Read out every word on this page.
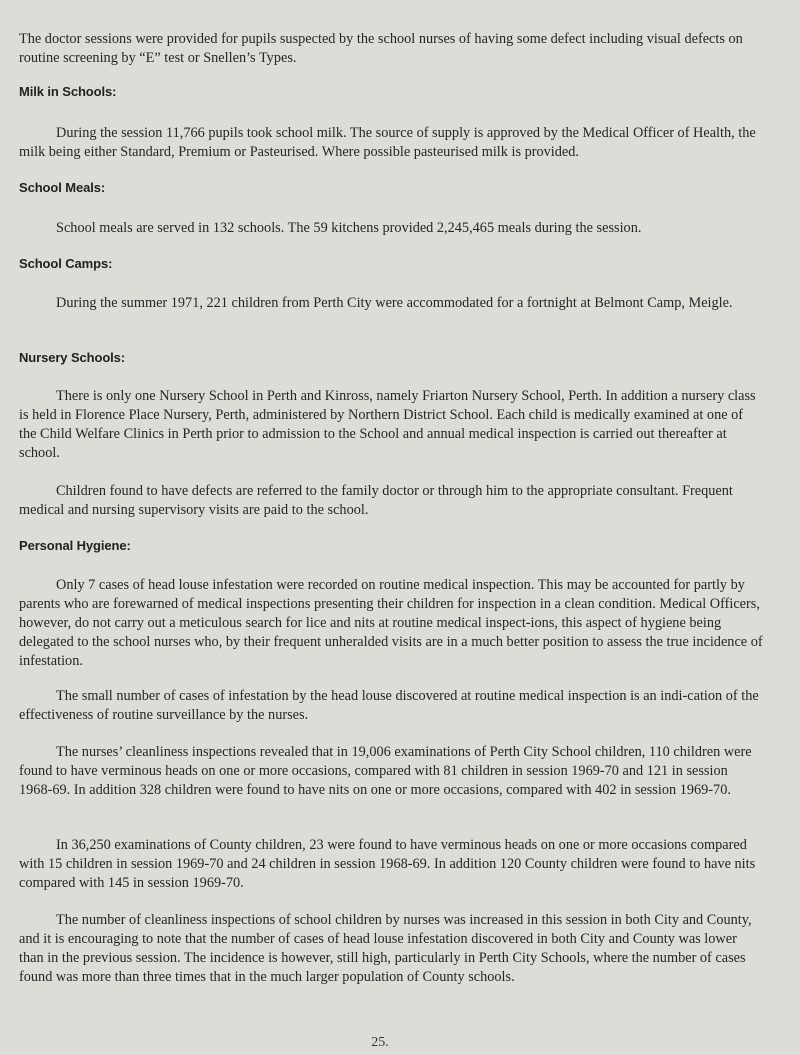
The doctor sessions were provided for pupils suspected by the school nurses of having some defect including visual defects on routine screening by “E” test or Snellen’s Types.

Milk in Schools:

During the session 11,766 pupils took school milk. The source of supply is approved by the Medical Officer of Health, the milk being either Standard, Premium or Pasteurised. Where possible pasteurised milk is provided.

School Meals:

School meals are served in 132 schools. The 59 kitchens provided 2,245,465 meals during the session.

School Camps:

During the summer 1971, 221 children from Perth City were accommodated for a fortnight at Belmont Camp, Meigle.

Nursery Schools:

There is only one Nursery School in Perth and Kinross, namely Friarton Nursery School, Perth. In addition a nursery class is held in Florence Place Nursery, Perth, administered by Northern District School. Each child is medically examined at one of the Child Welfare Clinics in Perth prior to admission to the School and annual medical inspection is carried out thereafter at school.

Children found to have defects are referred to the family doctor or through him to the appropriate consultant. Frequent medical and nursing supervisory visits are paid to the school.

Personal Hygiene:

Only 7 cases of head louse infestation were recorded on routine medical inspection. This may be accounted for partly by parents who are forewarned of medical inspections presenting their children for inspection in a clean condition. Medical Officers, however, do not carry out a meticulous search for lice and nits at routine medical inspect-ions, this aspect of hygiene being delegated to the school nurses who, by their frequent unheralded visits are in a much better position to assess the true incidence of infestation.

The small number of cases of infestation by the head louse discovered at routine medical inspection is an indi-cation of the effectiveness of routine surveillance by the nurses.

The nurses’ cleanliness inspections revealed that in 19,006 examinations of Perth City School children, 110 children were found to have verminous heads on one or more occasions, compared with 81 children in session 1969-70 and 121 in session 1968-69. In addition 328 children were found to have nits on one or more occasions, compared with 402 in session 1969-70.

In 36,250 examinations of County children, 23 were found to have verminous heads on one or more occasions compared with 15 children in session 1969-70 and 24 children in session 1968-69. In addition 120 County children were found to have nits compared with 145 in session 1969-70.

The number of cleanliness inspections of school children by nurses was increased in this session in both City and County, and it is encouraging to note that the number of cases of head louse infestation discovered in both City and County was lower than in the previous session. The incidence is however, still high, particularly in Perth City Schools, where the number of cases found was more than three times that in the much larger population of County schools.

25.
